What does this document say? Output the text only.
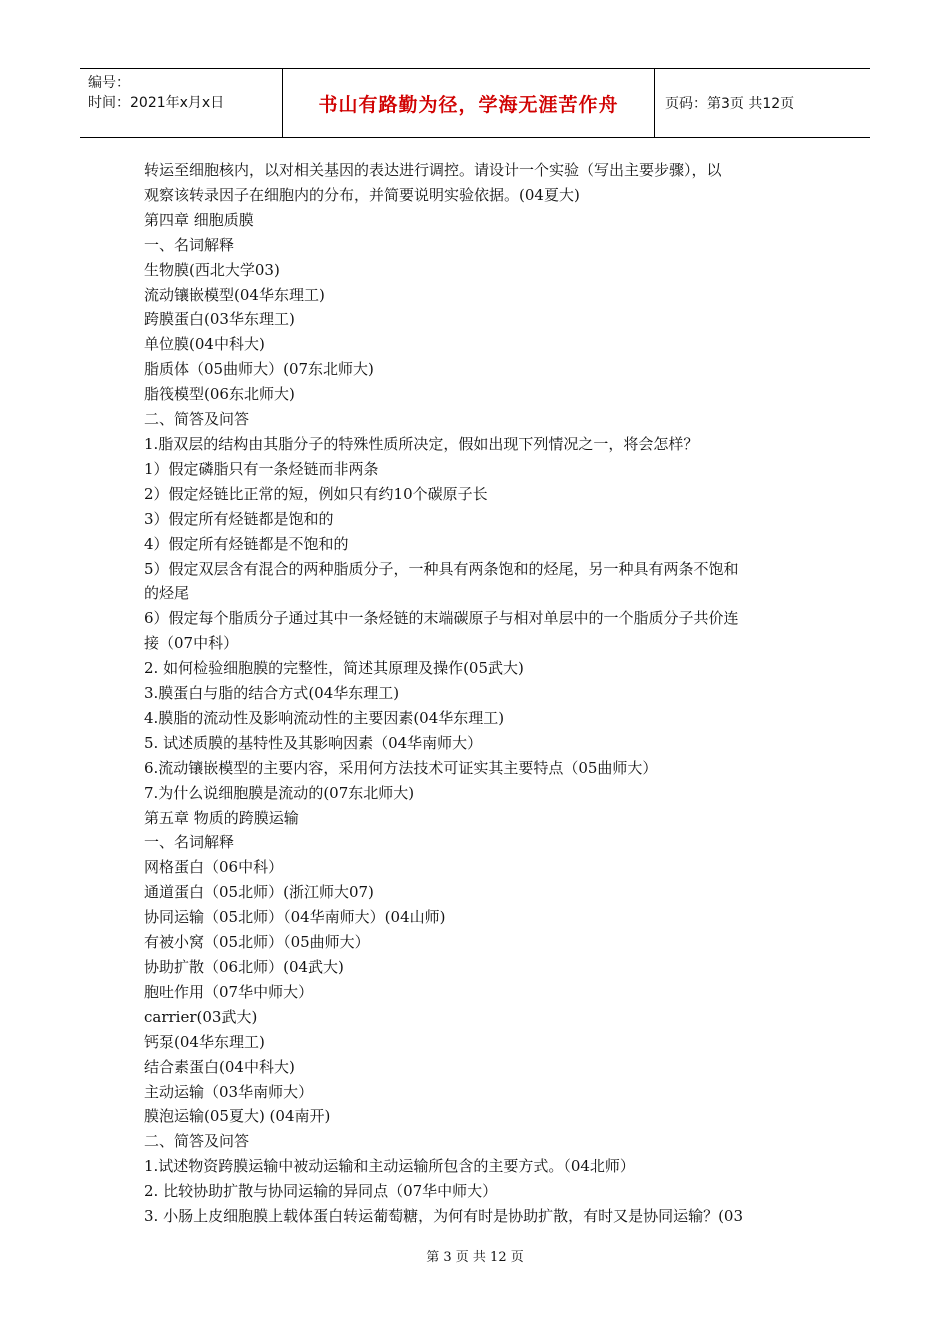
编号：
时间：2021年x月x日	书山有路勤为径，学海无涯苦作舟	页码：第3页 共12页
转运至细胞核内，以对相关基因的表达进行调控。请设计一个实验（写出主要步骤），以
观察该转录因子在细胞内的分布，并简要说明实验依据。(04夏大)
第四章 细胞质膜
一、名词解释
生物膜(西北大学03)
流动镶嵌模型(04华东理工)
跨膜蛋白(03华东理工)
单位膜(04中科大)
脂质体（05曲师大）(07东北师大)
脂筏模型(06东北师大)
二、简答及问答
1.脂双层的结构由其脂分子的特殊性质所决定，假如出现下列情况之一，将会怎样？
1）假定磷脂只有一条烃链而非两条
2）假定烃链比正常的短，例如只有约10个碳原子长
3）假定所有烃链都是饱和的
4）假定所有烃链都是不饱和的
5）假定双层含有混合的两种脂质分子，一种具有两条饱和的烃尾，另一种具有两条不饱和
的烃尾
6）假定每个脂质分子通过其中一条烃链的末端碳原子与相对单层中的一个脂质分子共价连
接（07中科）
2. 如何检验细胞膜的完整性，简述其原理及操作(05武大)
3.膜蛋白与脂的结合方式(04华东理工)
4.膜脂的流动性及影响流动性的主要因素(04华东理工)
5. 试述质膜的基特性及其影响因素（04华南师大）
6.流动镶嵌模型的主要内容，采用何方法技术可证实其主要特点（05曲师大）
7.为什么说细胞膜是流动的(07东北师大)
第五章 物质的跨膜运输
一、名词解释
网格蛋白（06中科）
通道蛋白（05北师）(浙江师大07)
协同运输（05北师）（04华南师大）(04山师)
有被小窝（05北师）（05曲师大）
协助扩散（06北师）(04武大)
胞吐作用（07华中师大）
carrier(03武大)
钙泵(04华东理工)
结合素蛋白(04中科大)
主动运输（03华南师大）
膜泡运输(05夏大) (04南开)
二、简答及问答
1.试述物资跨膜运输中被动运输和主动运输所包含的主要方式。（04北师）
2. 比较协助扩散与协同运输的异同点（07华中师大）
3. 小肠上皮细胞膜上载体蛋白转运葡萄糖，为何有时是协助扩散，有时又是协同运输？(03
第 3 页 共 12 页
